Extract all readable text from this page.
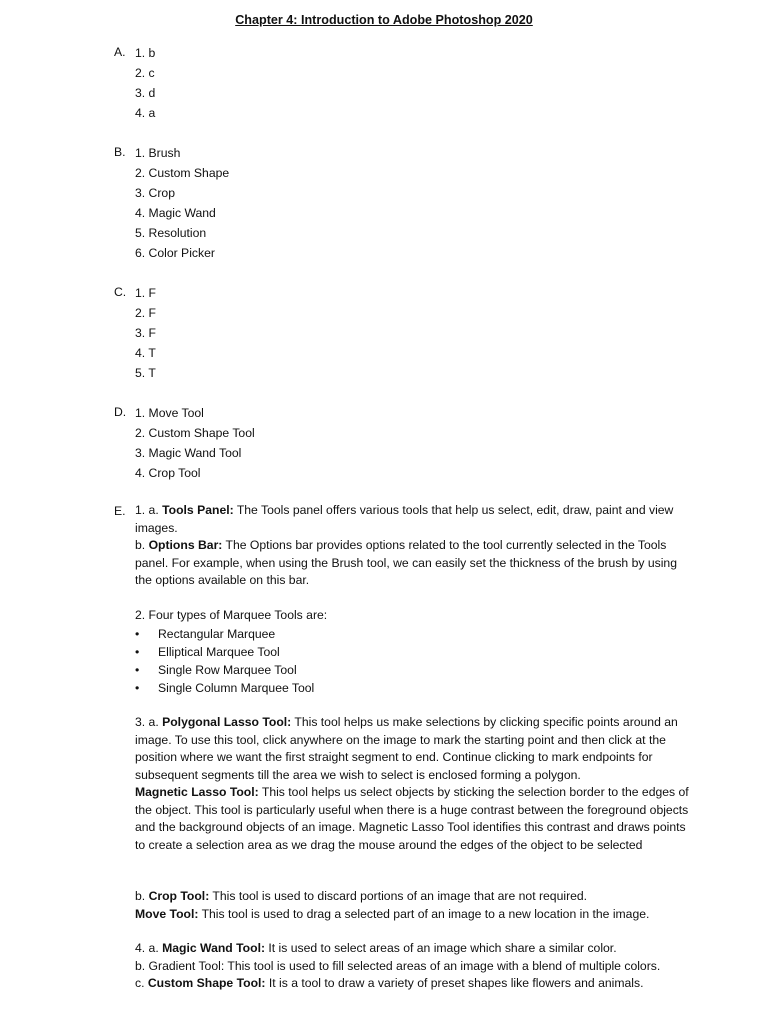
Chapter 4: Introduction to Adobe Photoshop 2020
A. 1. b
2. c
3. d
4. a
B. 1. Brush
2. Custom Shape
3. Crop
4. Magic Wand
5. Resolution
6. Color Picker
C. 1. F
2. F
3. F
4. T
5. T
D. 1. Move Tool
2. Custom Shape Tool
3. Magic Wand Tool
4. Crop Tool
E. 1. a. Tools Panel: The Tools panel offers various tools that help us select, edit, draw, paint and view images.

b. Options Bar: The Options bar provides options related to the tool currently selected in the Tools panel. For example, when using the Brush tool, we can easily set the thickness of the brush by using the options available on this bar.

2. Four types of Marquee Tools are:

• Rectangular Marquee
• Elliptical Marquee Tool
• Single Row Marquee Tool
• Single Column Marquee Tool

3. a. Polygonal Lasso Tool: This tool helps us make selections by clicking specific points around an image. To use this tool, click anywhere on the image to mark the starting point and then click at the position where we want the first straight segment to end. Continue clicking to mark endpoints for subsequent segments till the area we wish to select is enclosed forming a polygon.

Magnetic Lasso Tool: This tool helps us select objects by sticking the selection border to the edges of the object. This tool is particularly useful when there is a huge contrast between the foreground objects and the background objects of an image. Magnetic Lasso Tool identifies this contrast and draws points to create a selection area as we drag the mouse around the edges of the object to be selected

b. Crop Tool: This tool is used to discard portions of an image that are not required.

Move Tool: This tool is used to drag a selected part of an image to a new location in the image.

4. a. Magic Wand Tool: It is used to select areas of an image which share a similar color.

b. Gradient Tool: This tool is used to fill selected areas of an image with a blend of multiple colors.

c. Custom Shape Tool: It is a tool to draw a variety of preset shapes like flowers and animals.
